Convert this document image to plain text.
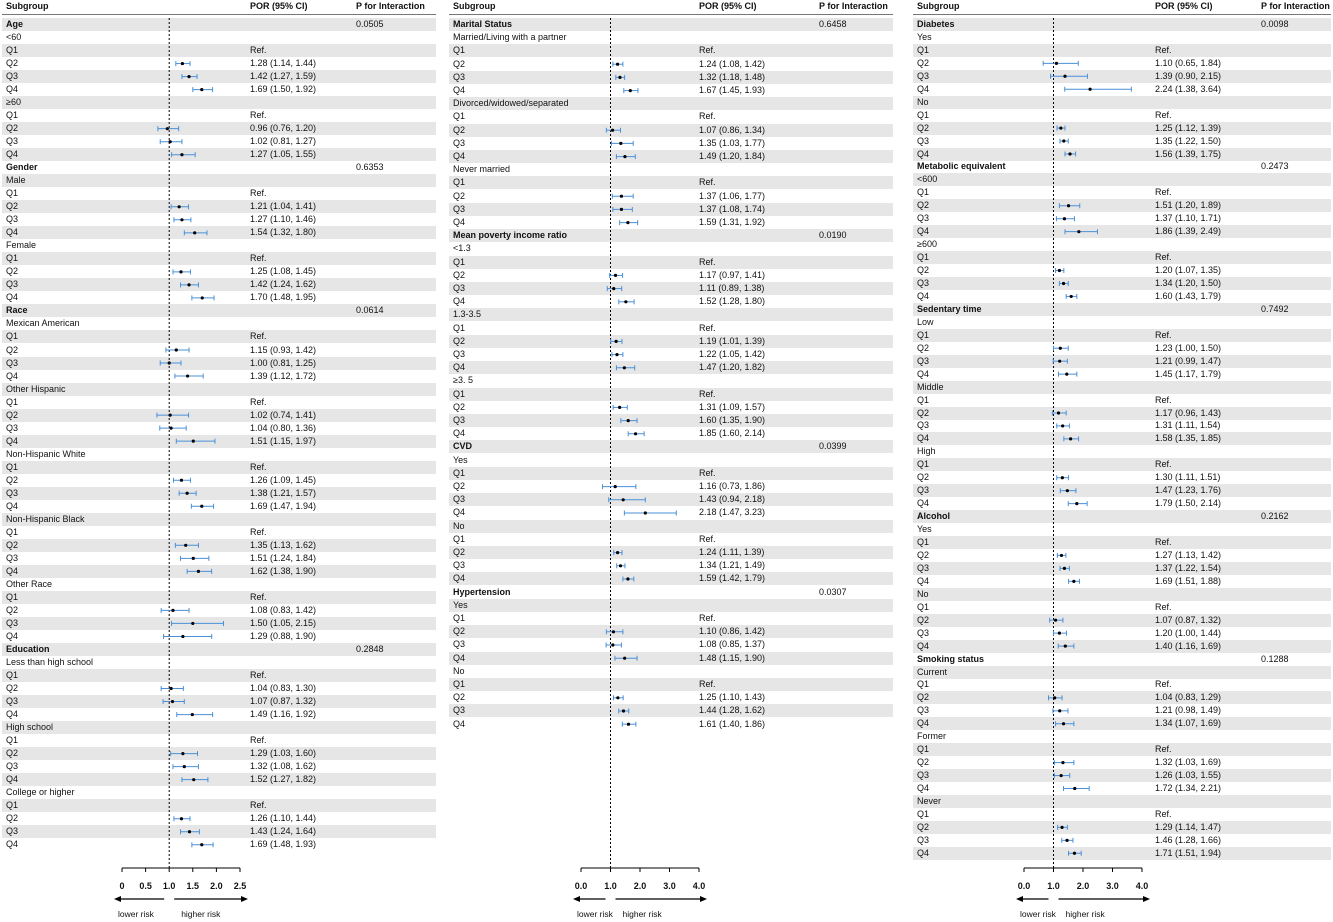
Subgroup	POR (95% CI)	P for Interaction
Age	0.0505
<60
Q1	Ref.
Q2	1.28 (1.14, 1.44)
Q3	1.42 (1.27, 1.59)
Q4	1.69 (1.50, 1.92)
≥60
Q1	Ref.
Q2	0.96 (0.76, 1.20)
Q3	1.02 (0.81, 1.27)
Q4	1.27 (1.05, 1.55)
Gender	0.6353
Male
Q1	Ref.
Q2	1.21 (1.04, 1.41)
Q3	1.27 (1.10, 1.46)
Q4	1.54 (1.32, 1.80)
Female
Q1	Ref.
Q2	1.25 (1.08, 1.45)
Q3	1.42 (1.24, 1.62)
Q4	1.70 (1.48, 1.95)
Race	0.0614
Mexican American
Q1	Ref.
Q2	1.15 (0.93, 1.42)
Q3	1.00 (0.81, 1.25)
Q4	1.39 (1.12, 1.72)
Other Hispanic
Q1	Ref.
Q2	1.02 (0.74, 1.41)
Q3	1.04 (0.80, 1.36)
Q4	1.51 (1.15, 1.97)
Non-Hispanic White
Q1	Ref.
Q2	1.26 (1.09, 1.45)
Q3	1.38 (1.21, 1.57)
Q4	1.69 (1.47, 1.94)
Non-Hispanic Black
Q1	Ref.
Q2	1.35 (1.13, 1.62)
Q3	1.51 (1.24, 1.84)
Q4	1.62 (1.38, 1.90)
Other Race
Q1	Ref.
Q2	1.08 (0.83, 1.42)
Q3	1.50 (1.05, 2.15)
Q4	1.29 (0.88, 1.90)
Education	0.2848
Less than high school
Q1	Ref.
Q2	1.04 (0.83, 1.30)
Q3	1.07 (0.87, 1.32)
Q4	1.49 (1.16, 1.92)
High school
Q1	Ref.
Q2	1.29 (1.03, 1.60)
Q3	1.32 (1.08, 1.62)
Q4	1.52 (1.27, 1.82)
College or higher
Q1	Ref.
Q2	1.26 (1.10, 1.44)
Q3	1.43 (1.24, 1.64)
Q4	1.69 (1.48, 1.93)
0	0.5	1.0	1.5	2.0	2.5
lower risk	higher risk
Subgroup	POR (95% CI)	P for Interaction
Marital Status	0.6458
Married/Living with a partner
Q1	Ref.
Q2	1.24 (1.08, 1.42)
Q3	1.32 (1.18, 1.48)
Q4	1.67 (1.45, 1.93)
Divorced/widowed/separated
Q1	Ref.
Q2	1.07 (0.86, 1.34)
Q3	1.35 (1.03, 1.77)
Q4	1.49 (1.20, 1.84)
Never married
Q1	Ref.
Q2	1.37 (1.06, 1.77)
Q3	1.37 (1.08, 1.74)
Q4	1.59 (1.31, 1.92)
Mean poverty income ratio	0.0190
<1.3
Q1	Ref.
Q2	1.17 (0.97, 1.41)
Q3	1.11 (0.89, 1.38)
Q4	1.52 (1.28, 1.80)
1.3-3.5
Q1	Ref.
Q2	1.19 (1.01, 1.39)
Q3	1.22 (1.05, 1.42)
Q4	1.47 (1.20, 1.82)
≥3. 5
Q1	Ref.
Q2	1.31 (1.09, 1.57)
Q3	1.60 (1.35, 1.90)
Q4	1.85 (1.60, 2.14)
CVD	0.0399
Yes
Q1	Ref.
Q2	1.16 (0.73, 1.86)
Q3	1.43 (0.94, 2.18)
Q4	2.18 (1.47, 3.23)
No
Q1	Ref.
Q2	1.24 (1.11, 1.39)
Q3	1.34 (1.21, 1.49)
Q4	1.59 (1.42, 1.79)
Hypertension	0.0307
Yes
Q1	Ref.
Q2	1.10 (0.86, 1.42)
Q3	1.08 (0.85, 1.37)
Q4	1.48 (1.15, 1.90)
No
Q1	Ref.
Q2	1.25 (1.10, 1.43)
Q3	1.44 (1.28, 1.62)
Q4	1.61 (1.40, 1.86)
0.0	1.0	2.0	3.0	4.0
lower risk higher risk
Subgroup	POR (95% CI)	P for Interaction
Diabetes	0.0098
Yes
Q1	Ref.
Q2	1.10 (0.65, 1.84)
Q3	1.39 (0.90, 2.15)
Q4	2.24 (1.38, 3.64)
No
Q1	Ref.
Q2	1.25 (1.12, 1.39)
Q3	1.35 (1.22, 1.50)
Q4	1.56 (1.39, 1.75)
Metabolic equivalent	0.2473
<600
Q1	Ref.
Q2	1.51 (1.20, 1.89)
Q3	1.37 (1.10, 1.71)
Q4	1.86 (1.39, 2.49)
≥600
Q1	Ref.
Q2	1.20 (1.07, 1.35)
Q3	1.34 (1.20, 1.50)
Q4	1.60 (1.43, 1.79)
Sedentary time	0.7492
Low
Q1	Ref.
Q2	1.23 (1.00, 1.50)
Q3	1.21 (0.99, 1.47)
Q4	1.45 (1.17, 1.79)
Middle
Q1	Ref.
Q2	1.17 (0.96, 1.43)
Q3	1.31 (1.11, 1.54)
Q4	1.58 (1.35, 1.85)
High
Q1	Ref.
Q2	1.30 (1.11, 1.51)
Q3	1.47 (1.23, 1.76)
Q4	1.79 (1.50, 2.14)
Alcohol	0.2162
Yes
Q1	Ref.
Q2	1.27 (1.13, 1.42)
Q3	1.37 (1.22, 1.54)
Q4	1.69 (1.51, 1.88)
No
Q1	Ref.
Q2	1.07 (0.87, 1.32)
Q3	1.20 (1.00, 1.44)
Q4	1.40 (1.16, 1.69)
Smoking status	0.1288
Current
Q1	Ref.
Q2	1.04 (0.83, 1.29)
Q3	1.21 (0.98, 1.49)
Q4	1.34 (1.07, 1.69)
Former
Q1	Ref.
Q2	1.32 (1.03, 1.69)
Q3	1.26 (1.03, 1.55)
Q4	1.72 (1.34, 2.21)
Never
Q1	Ref.
Q2	1.29 (1.14, 1.47)
Q3	1.46 (1.28, 1.66)
Q4	1.71 (1.51, 1.94)
0.0	1.0	2.0	3.0	4.0
lower risk higher risk
